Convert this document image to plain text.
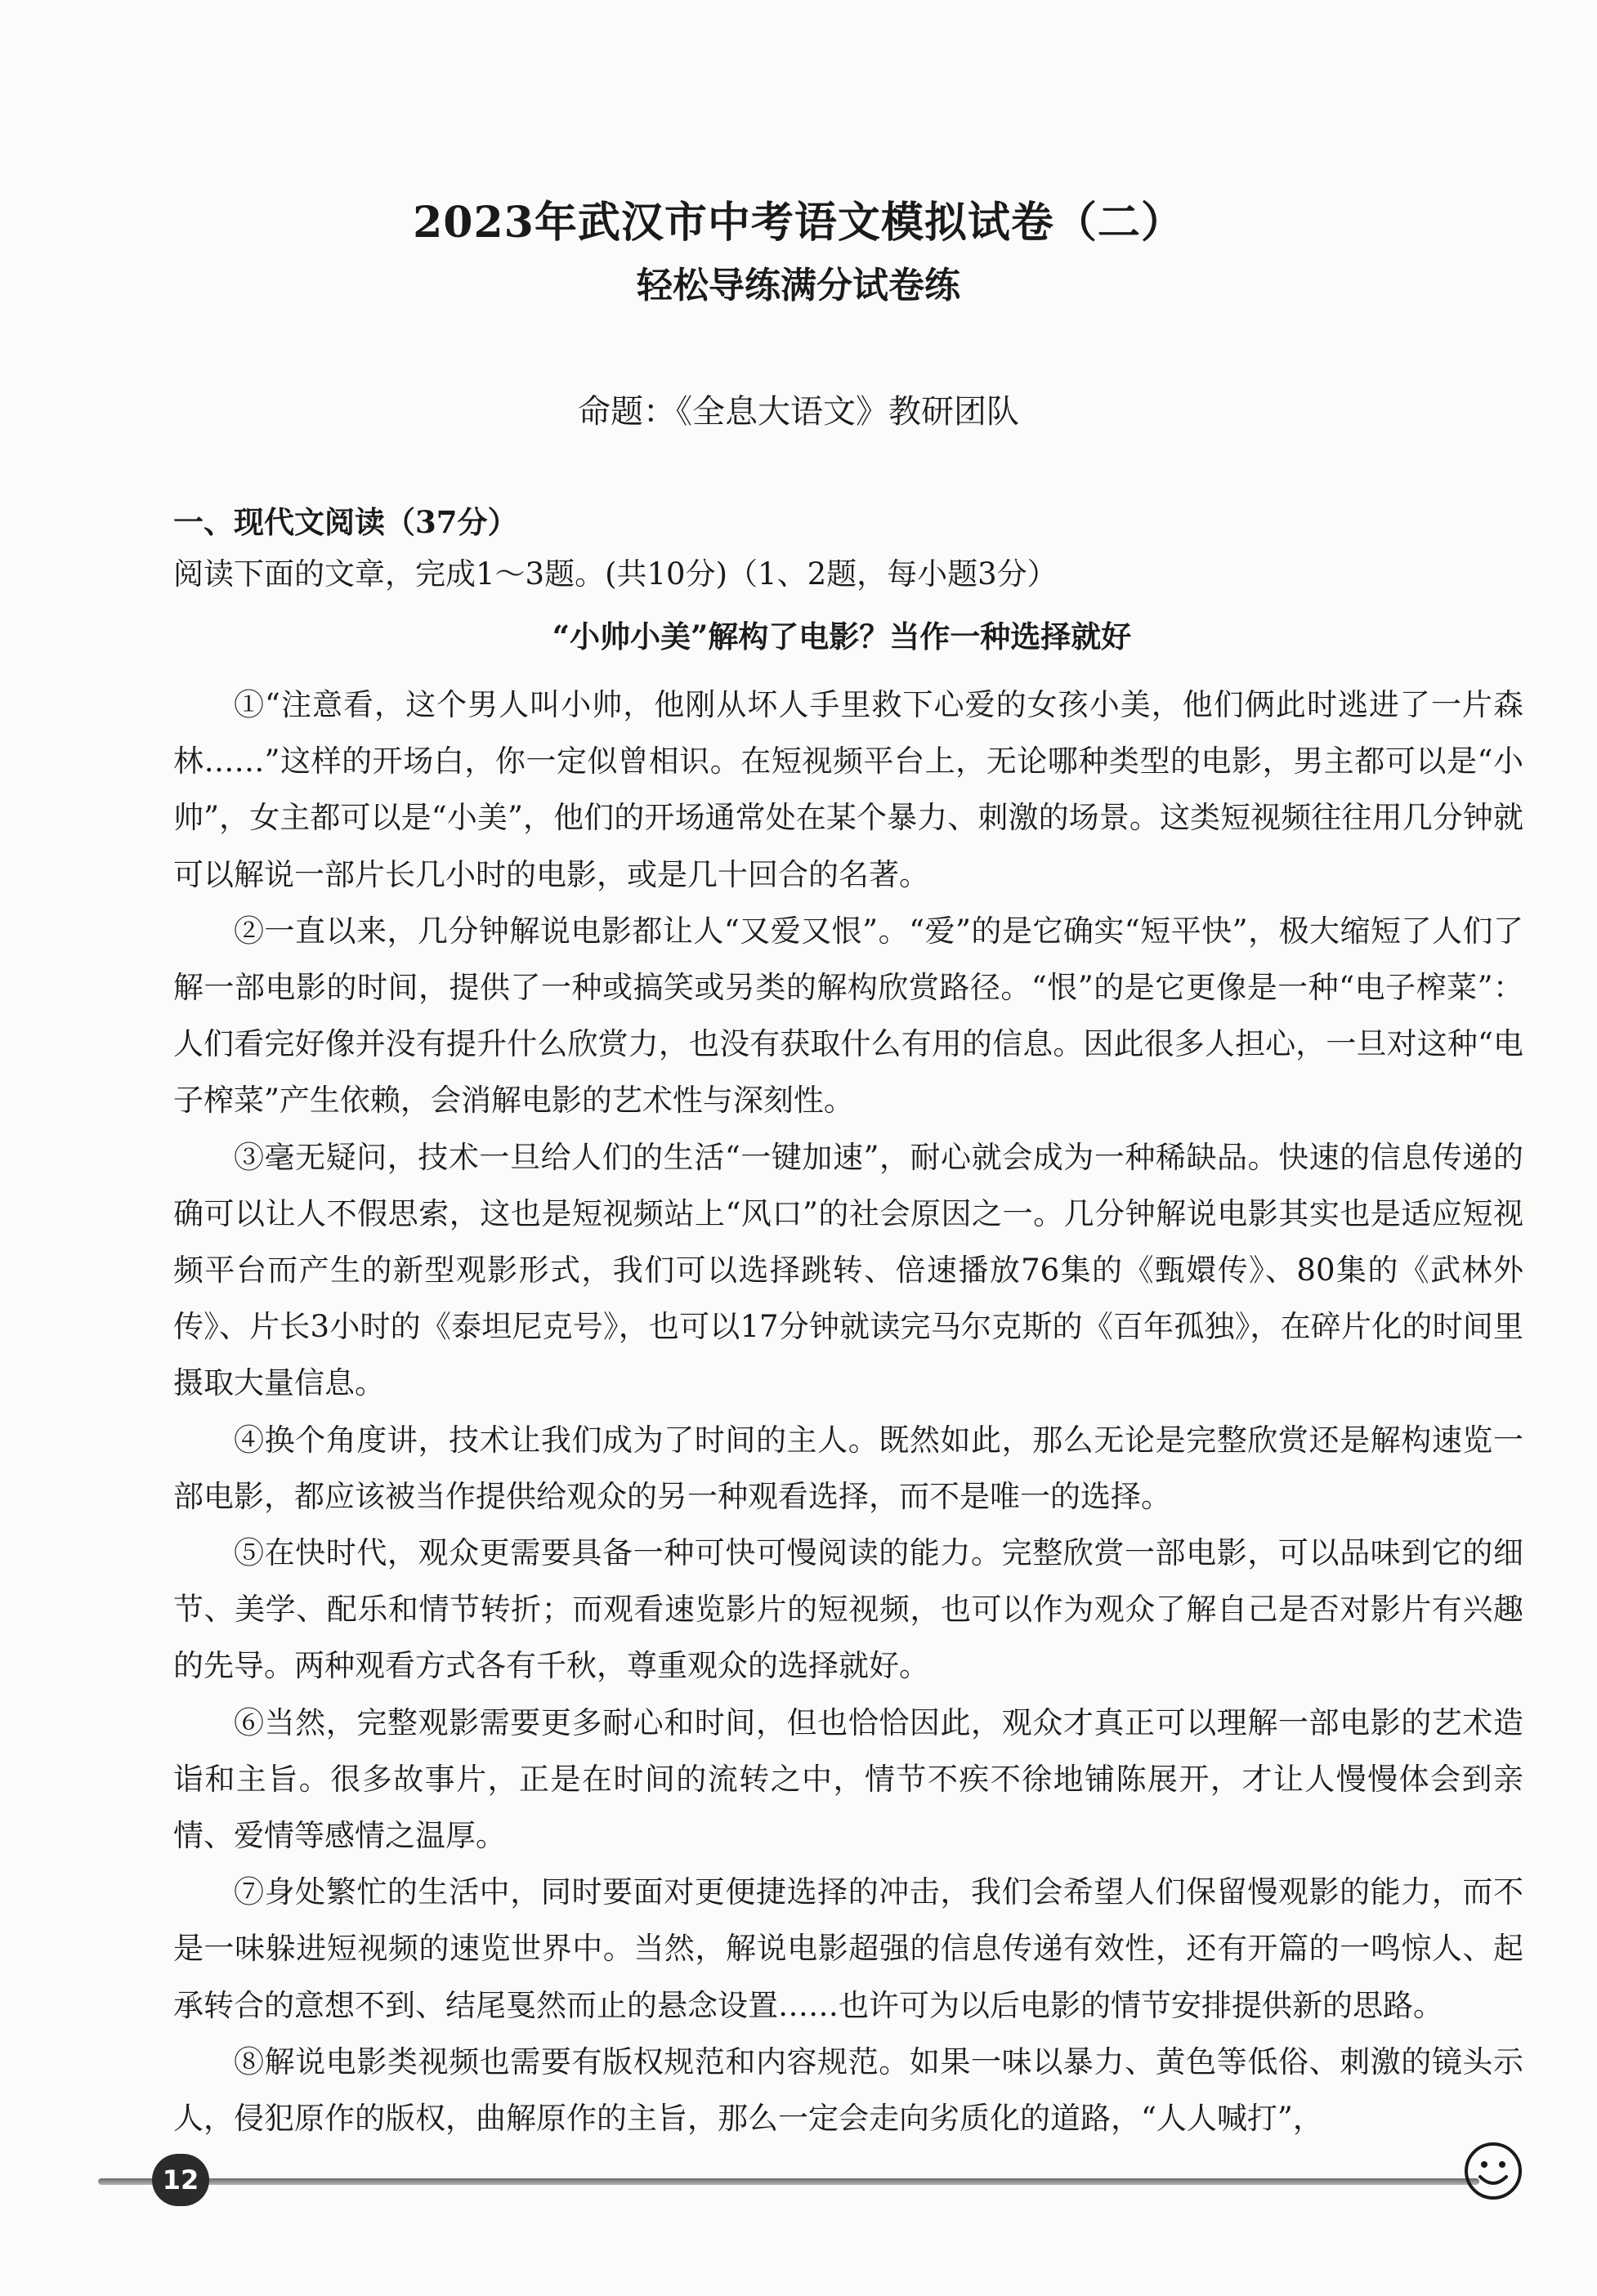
2023年武汉市中考语文模拟试卷（二）
轻松导练满分试卷练
命题：《全息大语文》教研团队
一、现代文阅读（37分）
阅读下面的文章，完成1～3题。(共10分)（1、2题，每小题3分）
“小帅小美”解构了电影？当作一种选择就好

①“注意看，这个男人叫小帅，他刚从坏人手里救下心爱的女孩小美，他们俩此时逃进了一片森林……”这样的开场白，你一定似曾相识。在短视频平台上，无论哪种类型的电影，男主都可以是“小帅”，女主都可以是“小美”，他们的开场通常处在某个暴力、刺激的场景。这类短视频往往用几分钟就可以解说一部片长几小时的电影，或是几十回合的名著。

②一直以来，几分钟解说电影都让人“又爱又恨”。“爱”的是它确实“短平快”，极大缩短了人们了解一部电影的时间，提供了一种或搞笑或另类的解构欣赏路径。“恨”的是它更像是一种“电子榨菜”：人们看完好像并没有提升什么欣赏力，也没有获取什么有用的信息。因此很多人担心，一旦对这种“电子榨菜”产生依赖，会消解电影的艺术性与深刻性。

③毫无疑问，技术一旦给人们的生活“一键加速”，耐心就会成为一种稀缺品。快速的信息传递的确可以让人不假思索，这也是短视频站上“风口”的社会原因之一。几分钟解说电影其实也是适应短视频平台而产生的新型观影形式，我们可以选择跳转、倍速播放76集的《甄嬛传》、80集的《武林外传》、片长3小时的《泰坦尼克号》，也可以17分钟就读完马尔克斯的《百年孤独》，在碎片化的时间里摄取大量信息。

④换个角度讲，技术让我们成为了时间的主人。既然如此，那么无论是完整欣赏还是解构速览一部电影，都应该被当作提供给观众的另一种观看选择，而不是唯一的选择。

⑤在快时代，观众更需要具备一种可快可慢阅读的能力。完整欣赏一部电影，可以品味到它的细节、美学、配乐和情节转折；而观看速览影片的短视频，也可以作为观众了解自己是否对影片有兴趣的先导。两种观看方式各有千秋，尊重观众的选择就好。

⑥当然，完整观影需要更多耐心和时间，但也恰恰因此，观众才真正可以理解一部电影的艺术造诣和主旨。很多故事片，正是在时间的流转之中，情节不疾不徐地铺陈展开，才让人慢慢体会到亲情、爱情等感情之温厚。

⑦身处繁忙的生活中，同时要面对更便捷选择的冲击，我们会希望人们保留慢观影的能力，而不是一味躲进短视频的速览世界中。当然，解说电影超强的信息传递有效性，还有开篇的一鸣惊人、起承转合的意想不到、结尾戛然而止的悬念设置……也许可为以后电影的情节安排提供新的思路。

⑧解说电影类视频也需要有版权规范和内容规范。如果一味以暴力、黄色等低俗、刺激的镜头示人，侵犯原作的版权，曲解原作的主旨，那么一定会走向劣质化的道路，“人人喊打”，

12
